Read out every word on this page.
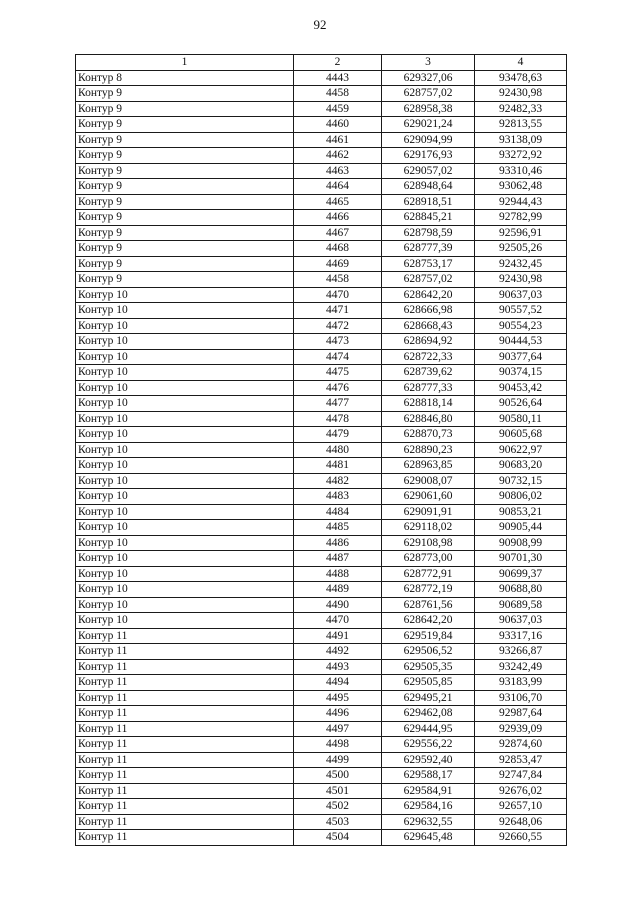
92
1	2	3	4
Контур 8	4443	629327,06	93478,63
Контур 9	4458	628757,02	92430,98
Контур 9	4459	628958,38	92482,33
Контур 9	4460	629021,24	92813,55
Контур 9	4461	629094,99	93138,09
Контур 9	4462	629176,93	93272,92
Контур 9	4463	629057,02	93310,46
Контур 9	4464	628948,64	93062,48
Контур 9	4465	628918,51	92944,43
Контур 9	4466	628845,21	92782,99
Контур 9	4467	628798,59	92596,91
Контур 9	4468	628777,39	92505,26
Контур 9	4469	628753,17	92432,45
Контур 9	4458	628757,02	92430,98
Контур 10	4470	628642,20	90637,03
Контур 10	4471	628666,98	90557,52
Контур 10	4472	628668,43	90554,23
Контур 10	4473	628694,92	90444,53
Контур 10	4474	628722,33	90377,64
Контур 10	4475	628739,62	90374,15
Контур 10	4476	628777,33	90453,42
Контур 10	4477	628818,14	90526,64
Контур 10	4478	628846,80	90580,11
Контур 10	4479	628870,73	90605,68
Контур 10	4480	628890,23	90622,97
Контур 10	4481	628963,85	90683,20
Контур 10	4482	629008,07	90732,15
Контур 10	4483	629061,60	90806,02
Контур 10	4484	629091,91	90853,21
Контур 10	4485	629118,02	90905,44
Контур 10	4486	629108,98	90908,99
Контур 10	4487	628773,00	90701,30
Контур 10	4488	628772,91	90699,37
Контур 10	4489	628772,19	90688,80
Контур 10	4490	628761,56	90689,58
Контур 10	4470	628642,20	90637,03
Контур 11	4491	629519,84	93317,16
Контур 11	4492	629506,52	93266,87
Контур 11	4493	629505,35	93242,49
Контур 11	4494	629505,85	93183,99
Контур 11	4495	629495,21	93106,70
Контур 11	4496	629462,08	92987,64
Контур 11	4497	629444,95	92939,09
Контур 11	4498	629556,22	92874,60
Контур 11	4499	629592,40	92853,47
Контур 11	4500	629588,17	92747,84
Контур 11	4501	629584,91	92676,02
Контур 11	4502	629584,16	92657,10
Контур 11	4503	629632,55	92648,06
Контур 11	4504	629645,48	92660,55
